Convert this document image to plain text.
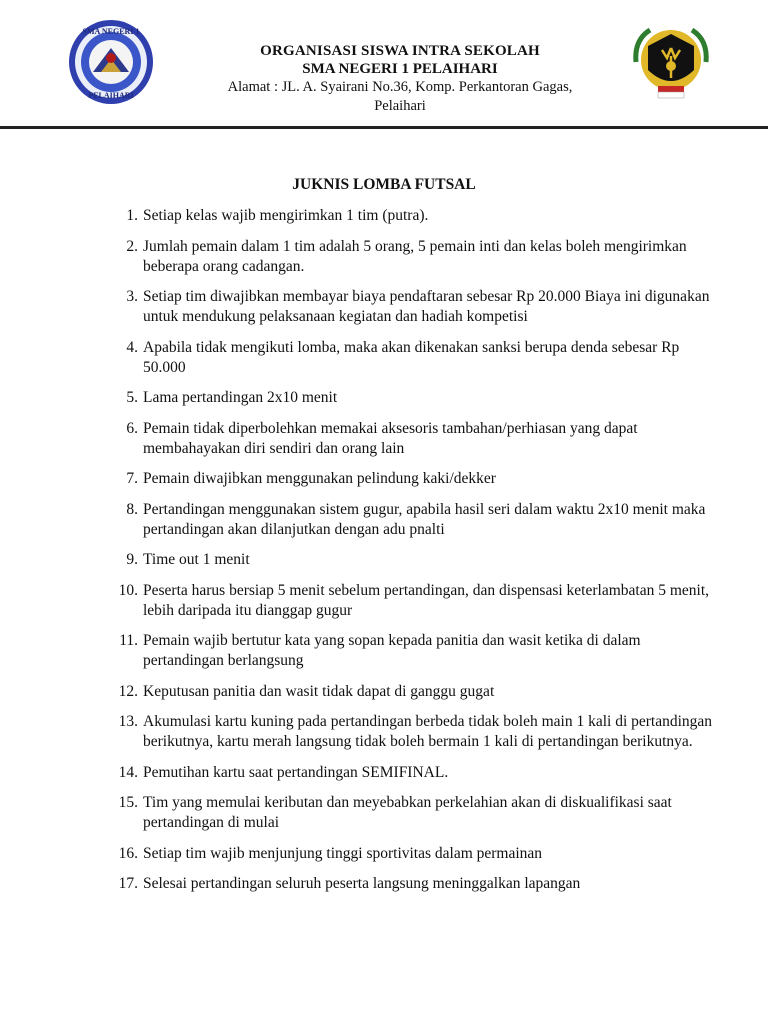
SMA NEGERI 1
PELAIHARI
ORGANISASI SISWA INTRA SEKOLAH
SMA NEGERI 1 PELAIHARI
Alamat : JL. A. Syairani No.36, Komp. Perkantoran Gagas,
Pelaihari
JUKNIS LOMBA FUTSAL
1. Setiap kelas wajib mengirimkan 1 tim (putra).
2. Jumlah pemain dalam 1 tim adalah 5 orang, 5 pemain inti dan kelas boleh mengirimkan beberapa orang cadangan.
3. Setiap tim diwajibkan membayar biaya pendaftaran sebesar Rp 20.000 Biaya ini digunakan untuk mendukung pelaksanaan kegiatan dan hadiah kompetisi
4. Apabila tidak mengikuti lomba, maka akan dikenakan sanksi berupa denda sebesar Rp 50.000
5. Lama pertandingan 2x10 menit
6. Pemain tidak diperbolehkan memakai aksesoris tambahan/perhiasan yang dapat membahayakan diri sendiri dan orang lain
7. Pemain diwajibkan menggunakan pelindung kaki/dekker
8. Pertandingan menggunakan sistem gugur, apabila hasil seri dalam waktu 2x10 menit maka pertandingan akan dilanjutkan dengan adu pnalti
9. Time out 1 menit
10. Peserta harus bersiap 5 menit sebelum pertandingan, dan dispensasi keterlambatan 5 menit, lebih daripada itu dianggap gugur
11. Pemain wajib bertutur kata yang sopan kepada panitia dan wasit ketika di dalam pertandingan berlangsung
12. Keputusan panitia dan wasit tidak dapat di ganggu gugat
13. Akumulasi kartu kuning pada pertandingan berbeda tidak boleh main 1 kali di pertandingan berikutnya, kartu merah langsung tidak boleh bermain 1 kali di pertandingan berikutnya.
14. Pemutihan kartu saat pertandingan SEMIFINAL.
15. Tim yang memulai keributan dan meyebabkan perkelahian akan di diskualifikasi saat pertandingan di mulai
16. Setiap tim wajib menjunjung tinggi sportivitas dalam permainan
17. Selesai pertandingan seluruh peserta langsung meninggalkan lapangan
